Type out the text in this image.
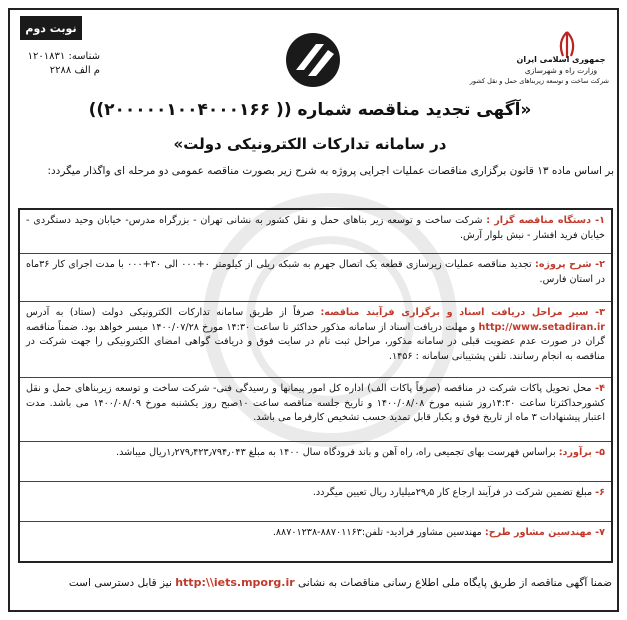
نوبت دوم
شناسه: ۱۲۰۱۸۳۱
م الف ۲۲۸۸
جمهوری اسلامی ایران
وزارت راه و شهرسازی
شرکت ساخت و توسعه زیربناهای حمل و نقل کشور
«آگهی تجدید مناقصه شماره (( ۲۰۰۰۰۰۱۰۰۴۰۰۰۱۶۶))
در سامانه تدارکات الکترونیکی دولت»
بر اساس ماده ۱۳ قانون برگزاری مناقصات عملیات اجرایی پروژه به شرح زیر بصورت مناقصه عمومی دو مرحله ای واگذار میگردد:
۱- دستگاه مناقصه گزار : شرکت ساخت و توسعه زیر بناهای حمل و نقل کشور به نشانی تهران - بزرگراه مدرس- خیابان وحید دستگردی - خیابان فرید افشار - نبش بلوار آرش.
۲- شرح پروژه: تجدید مناقصه عملیات زیرسازی قطعه یک اتصال جهرم به شبکه ریلی از کیلومتر ۰+۰۰۰ الی ۳۰+۰۰۰ با مدت اجرای کار ۳۶ماه در استان فارس.
۳- سیر مراحل دریافت اسناد و برگزاری فرآیند مناقصه: صرفاً از طریق سامانه تدارکات الکترونیکی دولت (ستاد) به آدرس http://www.setadiran.ir و مهلت دریافت اسناد از سامانه مذکور حداکثر تا ساعت ۱۴:۳۰ مورخ ۱۴۰۰/۰۷/۲۸ میسر خواهد بود. ضمناً مناقصه گران در صورت عدم عضویت قبلی در سامانه مذکور، مراحل ثبت نام در سایت فوق و دریافت گواهی امضای الکترونیکی را جهت شرکت در مناقصه به انجام رسانند. تلفن پشتیبانی سامانه : ۱۴۵۶.
۴- محل تحویل پاکات شرکت در مناقصه (صرفاً پاکات الف) اداره کل امور پیمانها و رسیدگی فنی- شرکت ساخت و توسعه زیربناهای حمل و نقل کشورحداکثرتا ساعت ۱۴:۳۰روز شنبه مورخ ۱۴۰۰/۰۸/۰۸ و تاریخ جلسه مناقصه ساعت ۱۰صبح روز یکشنبه مورخ ۱۴۰۰/۰۸/۰۹ می باشد. مدت اعتبار پیشنهادات ۳ ماه از تاریخ فوق و یکبار قابل تمدید حسب تشخیص کارفرما می باشد.
۵- برآورد: براساس فهرست بهای تجمیعی راه، راه آهن و باند فرودگاه سال ۱۴۰۰ به مبلغ ۱٫۲۷۹٫۴۲۳٫۷۹۴٫۰۴۳ریال میباشد.
۶- مبلغ تضمین شرکت در فرآیند ارجاع کار ۲۹٫۵میلیارد ریال تعیین میگردد.
۷- مهندسین مشاور طرح: مهندسین مشاور فرادید- تلفن:۸۸۷۰۱۱۶۳-۸۸۷۰۱۲۳۸.
ضمنا آگهی مناقصه از طریق پایگاه ملی اطلاع رسانی مناقصات به نشانی http:\\iets.mporg.ir نیز قابل دسترسی است
